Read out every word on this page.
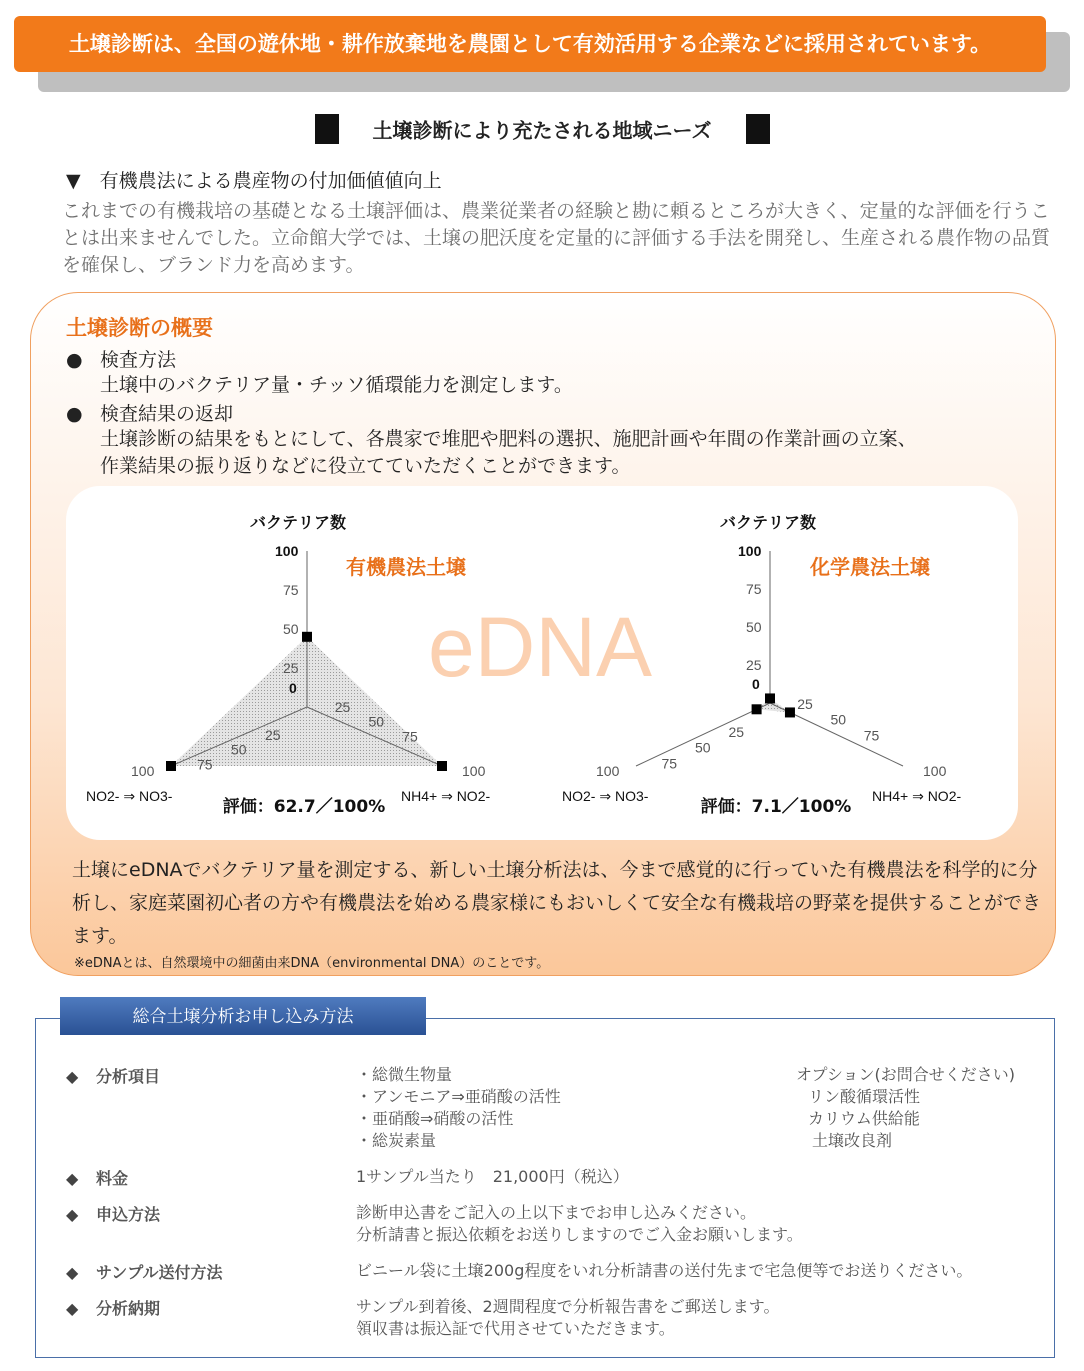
土壌診断は、全国の遊休地・耕作放棄地を農園として有効活用する企業などに採用されています。
土壌診断により充たされる地域ニーズ
▼　有機農法による農産物の付加価値値向上
これまでの有機栽培の基礎となる土壌評価は、農業従業者の経験と勘に頼るところが大きく、定量的な評価を行うことは出来ませんでした。立命館大学では、土壌の肥沃度を定量的に評価する手法を開発し、生産される農作物の品質を確保し、ブランド力を高めます。
土壌診断の概要
● 検査方法
土壌中のバクテリア量・チッソ循環能力を測定します。
● 検査結果の返却
土壌診断の結果をもとにして、各農家で堆肥や肥料の選択、施肥計画や年間の作業計画の立案、
作業結果の振り返りなどに役立てていただくことができます。
eDNA
0
25
25
25
50
50
50
75
75
75
100
100
100
有機農法土壌
バクテリア数
NO2- ⇒ NO3-	NH4+ ⇒ NO2-
評価：62.7／100%
0
25
25
25
50
50
50
75
75
75
100
100
100
化学農法土壌
バクテリア数
NO2- ⇒ NO3-	NH4+ ⇒ NO2-
評価：7.1／100%
土壌にeDNAでバクテリア量を測定する、新しい土壌分析法は、今まで感覚的に行っていた有機農法を科学的に分析し、家庭菜園初心者の方や有機農法を始める農家様にもおいしくて安全な有機栽培の野菜を提供することができます。
※eDNAとは、自然環境中の細菌由来DNA（environmental DNA）のことです。
総合土壌分析お申し込み方法
◆ 分析項目	・総微生物量
・アンモニア⇒亜硝酸の活性
・亜硝酸⇒硝酸の活性
・総炭素量
オプション(お問合せください)
リン酸循環活性
カリウム供給能
土壌改良剤
◆ 料金	1サンプル当たり　21,000円（税込）
◆ 申込方法	診断申込書をご記入の上以下までお申し込みください。
分析請書と振込依頼をお送りしますのでご入金お願いします。
◆ サンプル送付方法	ビニール袋に土壌200g程度をいれ分析請書の送付先まで宅急便等でお送りください。
◆ 分析納期	サンプル到着後、2週間程度で分析報告書をご郵送します。
領収書は振込証で代用させていただきます。
